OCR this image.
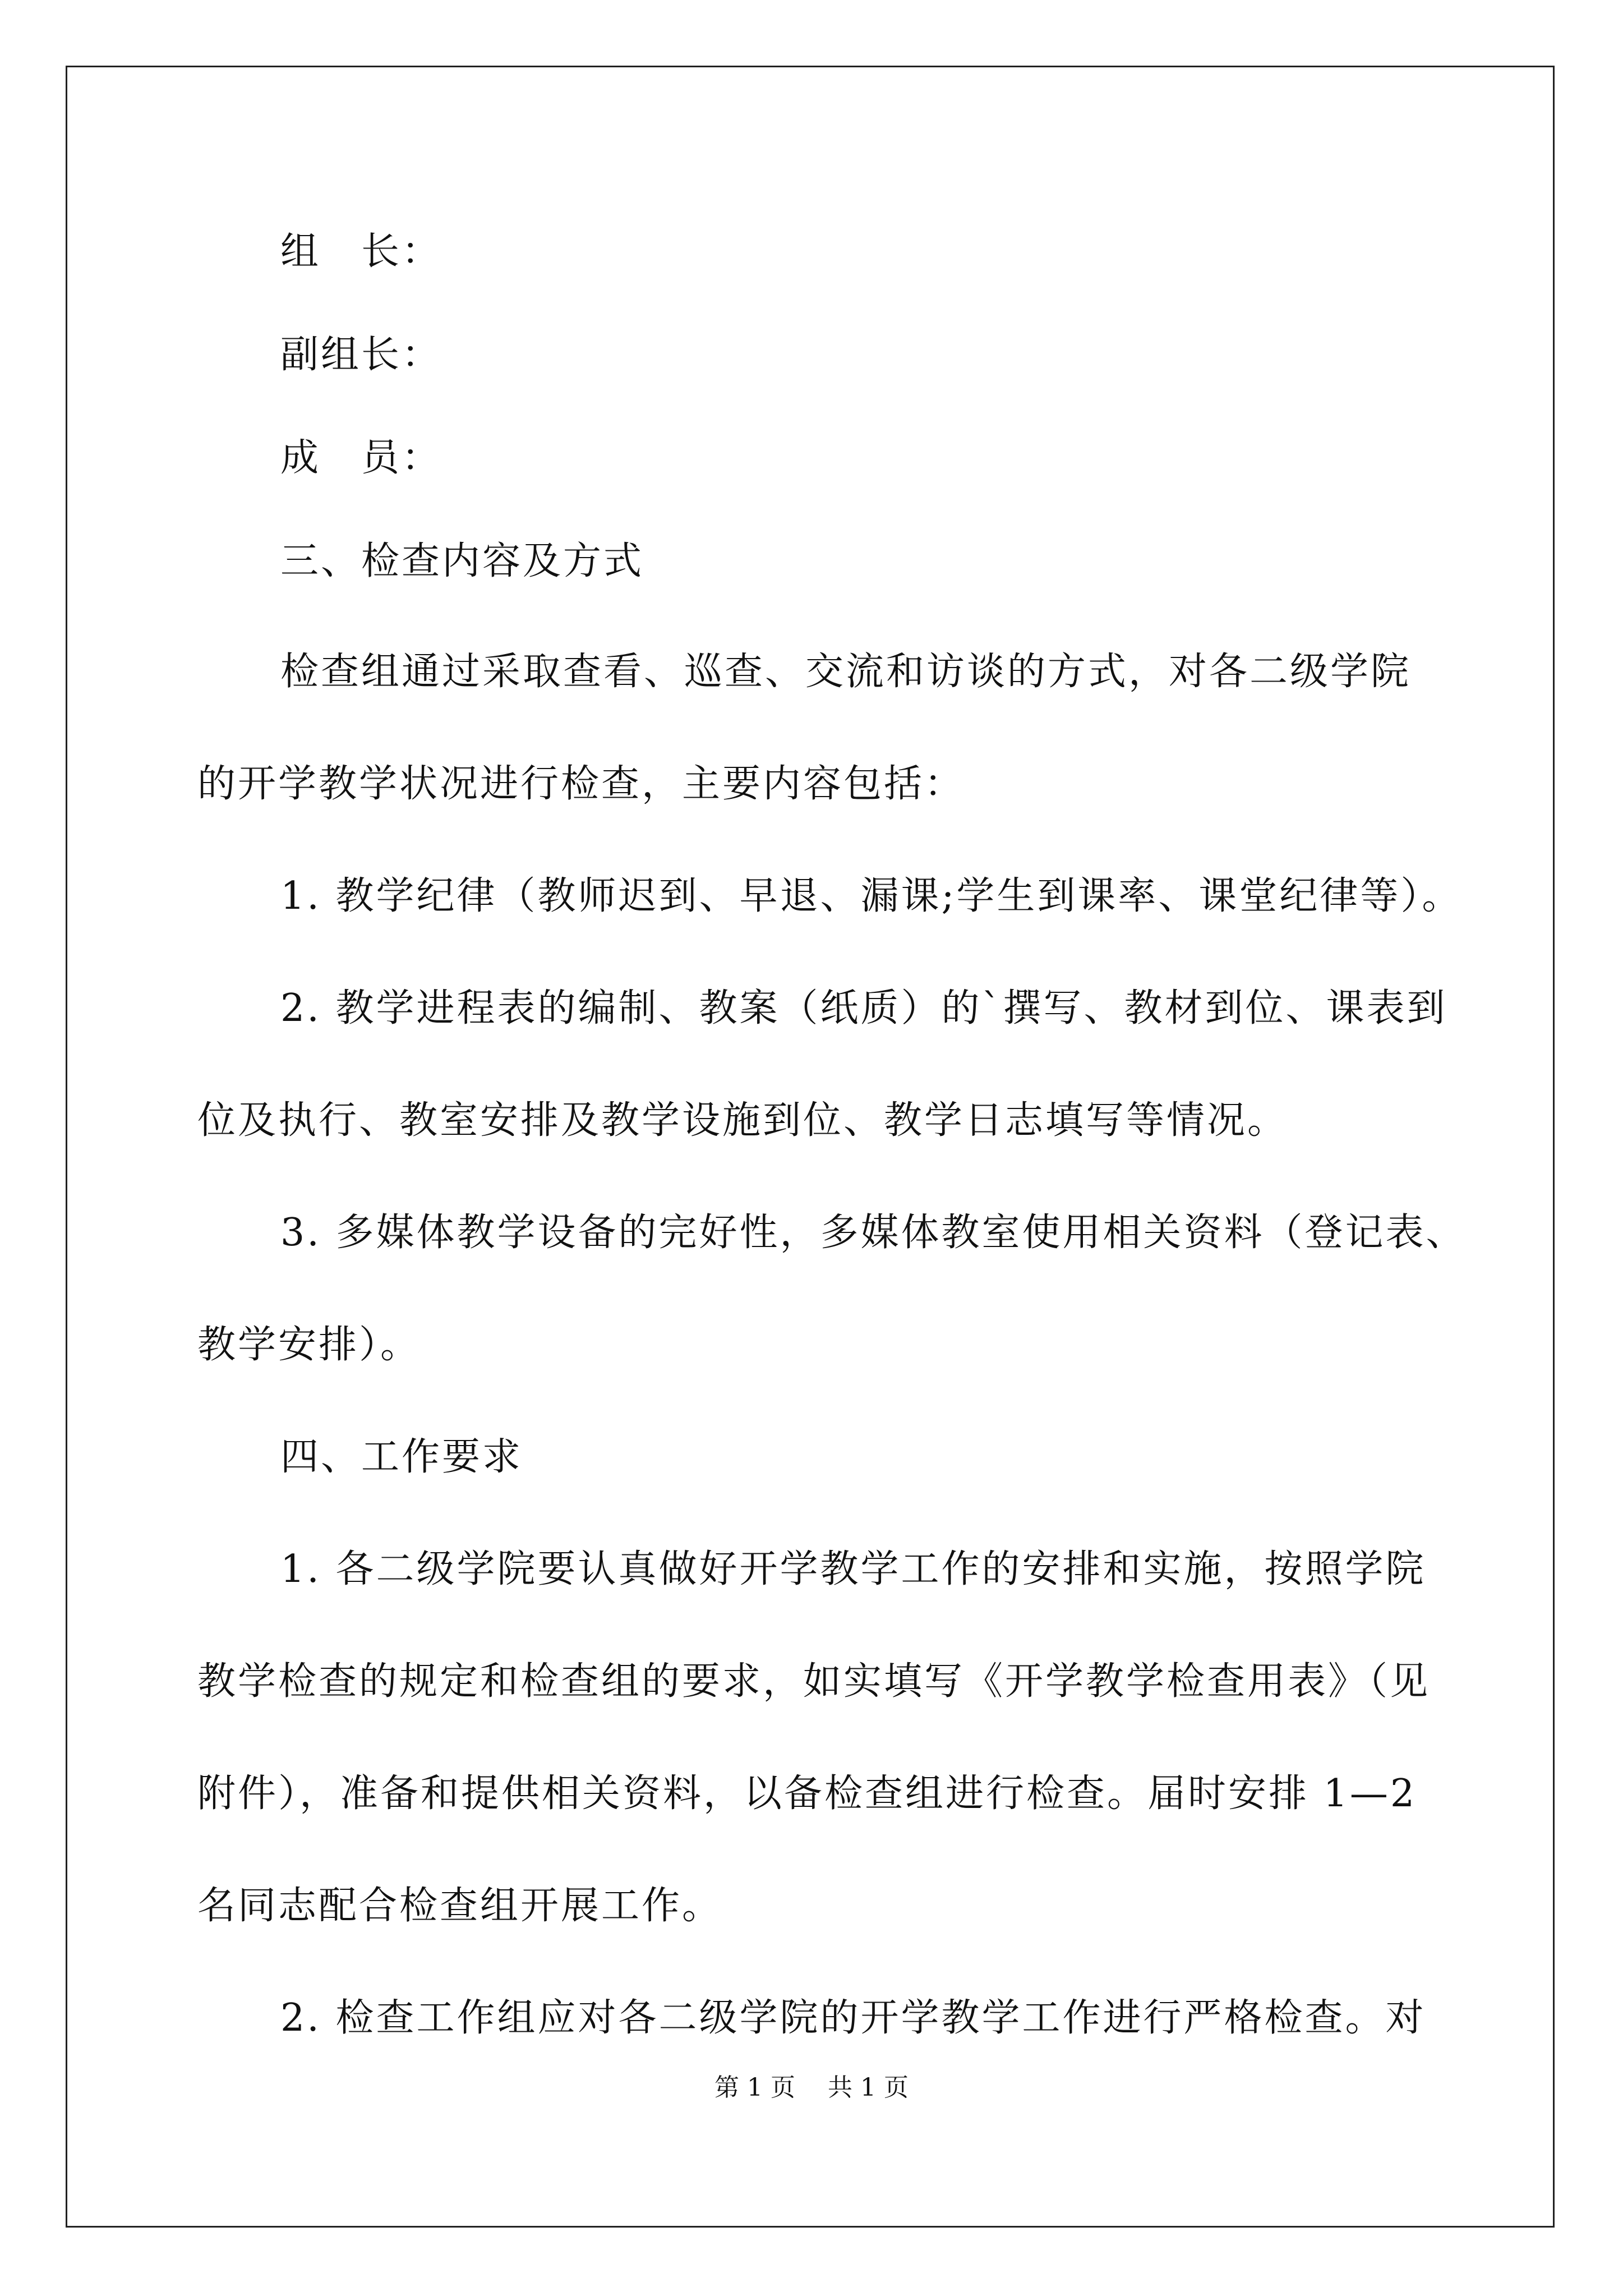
组　长：
副组长：
成　员：
三、检查内容及方式
检查组通过采取查看、巡查、交流和访谈的方式，对各二级学院
的开学教学状况进行检查，主要内容包括：
1. 教学纪律（教师迟到、早退、漏课;学生到课率、课堂纪律等）。
2. 教学进程表的编制、教案（纸质）的`撰写、教材到位、课表到
位及执行、教室安排及教学设施到位、教学日志填写等情况。
3. 多媒体教学设备的完好性，多媒体教室使用相关资料（登记表、
教学安排）。
四、工作要求
1. 各二级学院要认真做好开学教学工作的安排和实施，按照学院
教学检查的规定和检查组的要求，如实填写《开学教学检查用表》（见
附件），准备和提供相关资料，以备检查组进行检查。届时安排 1—2
名同志配合检查组开展工作。
2. 检查工作组应对各二级学院的开学教学工作进行严格检查。对
第 1 页　 共 1 页
